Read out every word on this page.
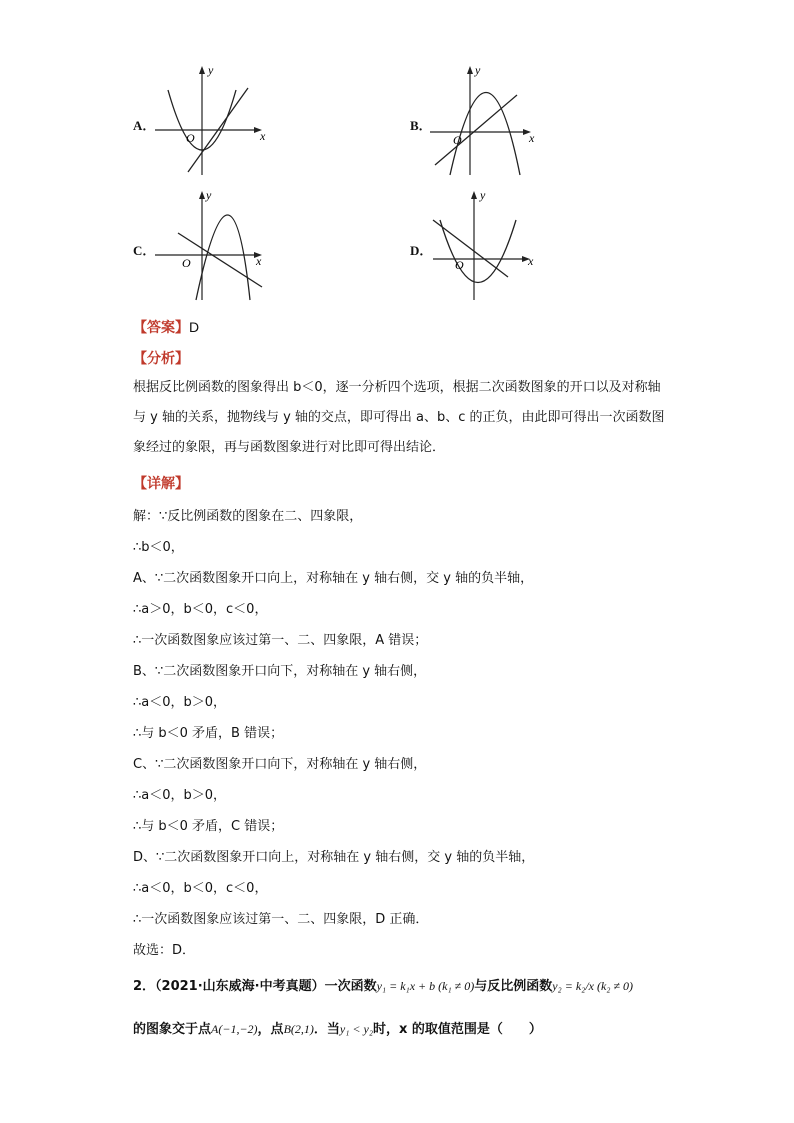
A．	B．
C．	D．
x
y
O	x
y
O
x
y
O	x
y
O
【答案】D
【分析】
根据反比例函数的图象得出 b＜0，逐一分析四个选项，根据二次函数图象的开口以及对称轴与 y 轴的关系，抛物线与 y 轴的交点，即可得出 a、b、c 的正负，由此即可得出一次函数图象经过的象限，再与函数图象进行对比即可得出结论．
【详解】
解：∵反比例函数的图象在二、四象限，
∴b＜0，
A、∵二次函数图象开口向上，对称轴在 y 轴右侧，交 y 轴的负半轴，
∴a＞0，b＜0，c＜0，
∴一次函数图象应该过第一、二、四象限，A 错误；
B、∵二次函数图象开口向下，对称轴在 y 轴右侧，
∴a＜0，b＞0，
∴与 b＜0 矛盾，B 错误；
C、∵二次函数图象开口向下，对称轴在 y 轴右侧，
∴a＜0，b＞0，
∴与 b＜0 矛盾，C 错误；
D、∵二次函数图象开口向上，对称轴在 y 轴右侧，交 y 轴的负半轴，
∴a＜0，b＜0，c＜0，
∴一次函数图象应该过第一、二、四象限，D 正确．
故选：D．
2．（2021·山东威海·中考真题）一次函数y₁ = k₁x + b (k₁ ≠ 0)与反比例函数y₂ = k₂/x (k₂ ≠ 0)
的图象交于点A(−1,−2)，点B(2,1)．当y₁ < y₂时，x 的取值范围是（　　）
